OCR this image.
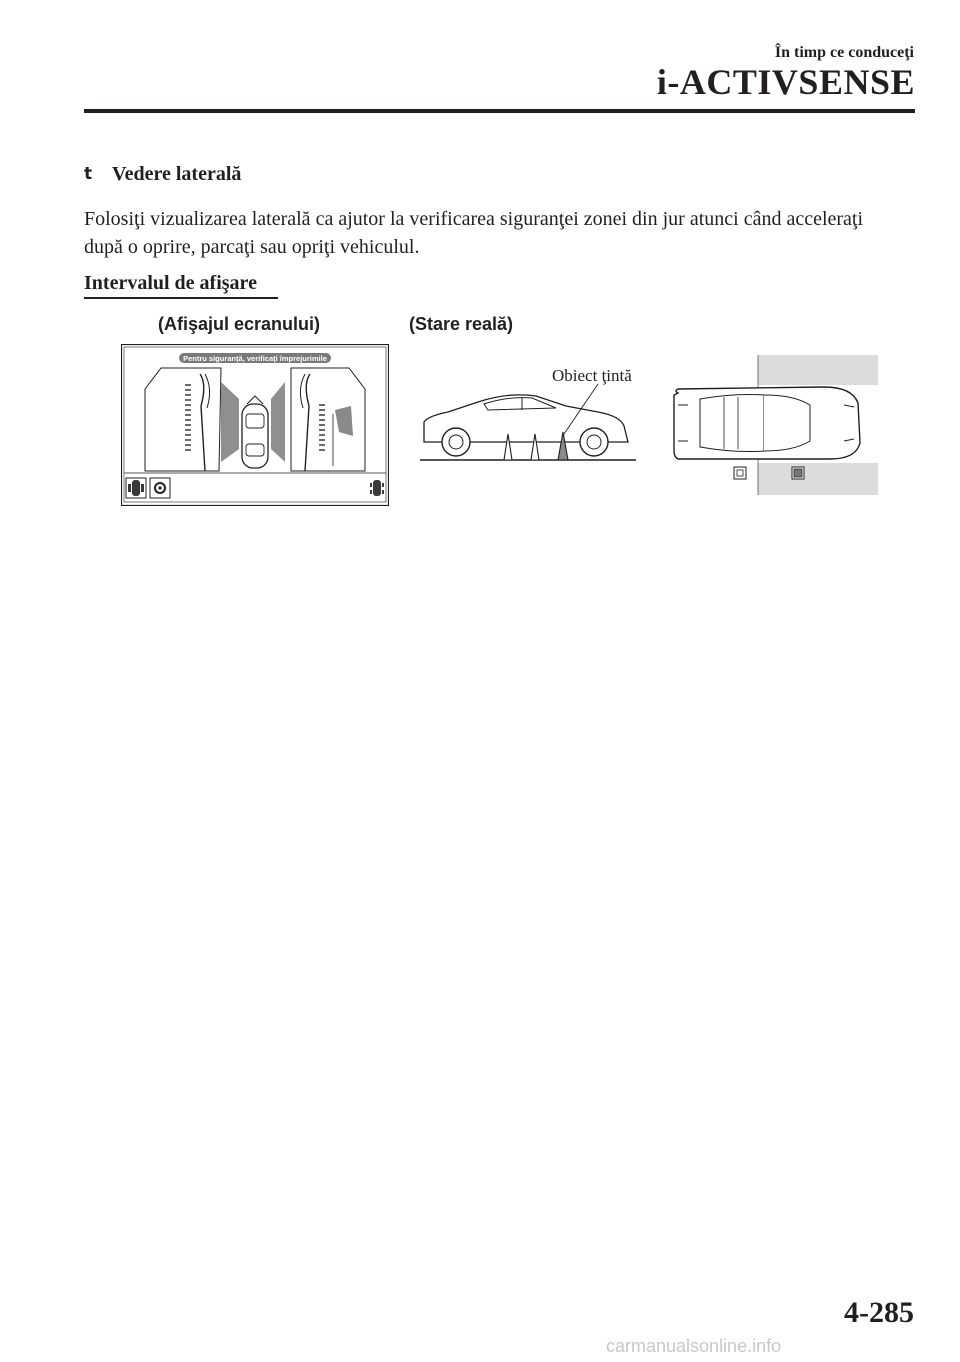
În timp ce conduceţi
i-ACTIVSENSE
t Vedere laterală
Folosiţi vizualizarea laterală ca ajutor la verificarea siguranţei zonei din jur atunci când acceleraţi după o oprire, parcaţi sau opriţi vehiculul.
Intervalul de afişare
(Afişajul ecranului)	(Stare reală)
Pentru siguranţă, verificaţi împrejurimile
Obiect ţintă
4-285
carmanualsonline.info
